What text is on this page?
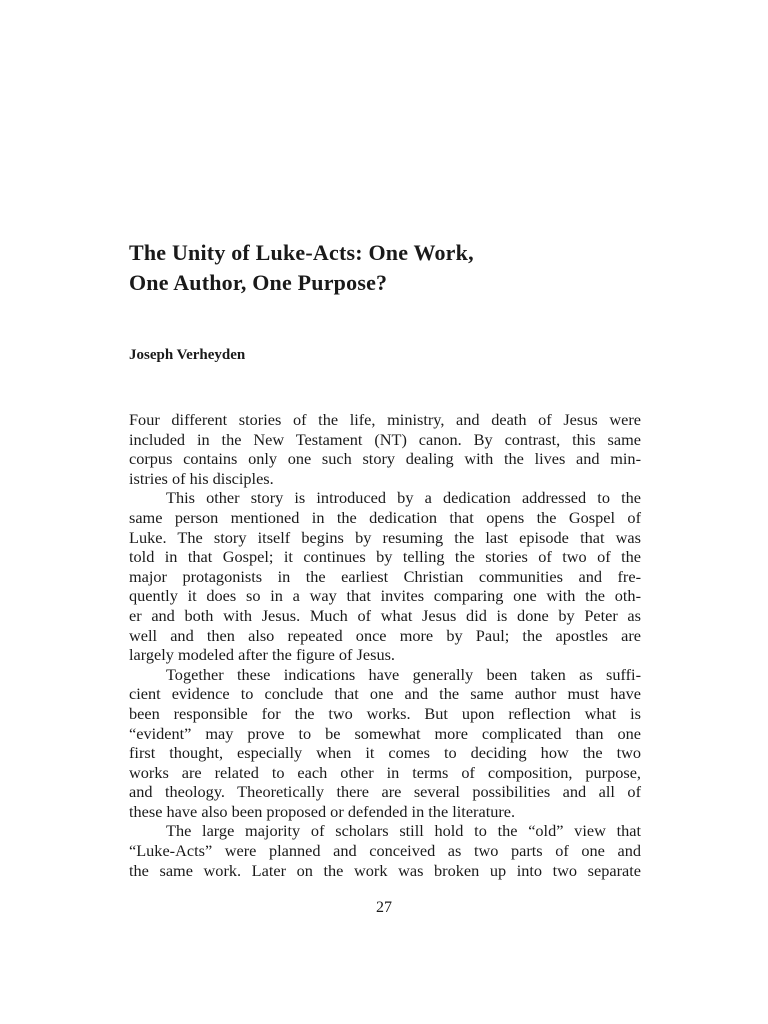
The Unity of Luke-Acts: One Work,
One Author, One Purpose?
Joseph Verheyden

Four different stories of the life, ministry, and death of Jesus were
included in the New Testament (NT) canon. By contrast, this same
corpus contains only one such story dealing with the lives and min-
istries of his disciples.

This other story is introduced by a dedication addressed to the
same person mentioned in the dedication that opens the Gospel of
Luke. The story itself begins by resuming the last episode that was
told in that Gospel; it continues by telling the stories of two of the
major protagonists in the earliest Christian communities and fre-
quently it does so in a way that invites comparing one with the oth-
er and both with Jesus. Much of what Jesus did is done by Peter as
well and then also repeated once more by Paul; the apostles are
largely modeled after the figure of Jesus.

Together these indications have generally been taken as suffi-
cient evidence to conclude that one and the same author must have
been responsible for the two works. But upon reflection what is
“evident” may prove to be somewhat more complicated than one
first thought, especially when it comes to deciding how the two
works are related to each other in terms of composition, purpose,
and theology. Theoretically there are several possibilities and all of
these have also been proposed or defended in the literature.

The large majority of scholars still hold to the “old” view that
“Luke-Acts” were planned and conceived as two parts of one and
the same work. Later on the work was broken up into two separate

27
